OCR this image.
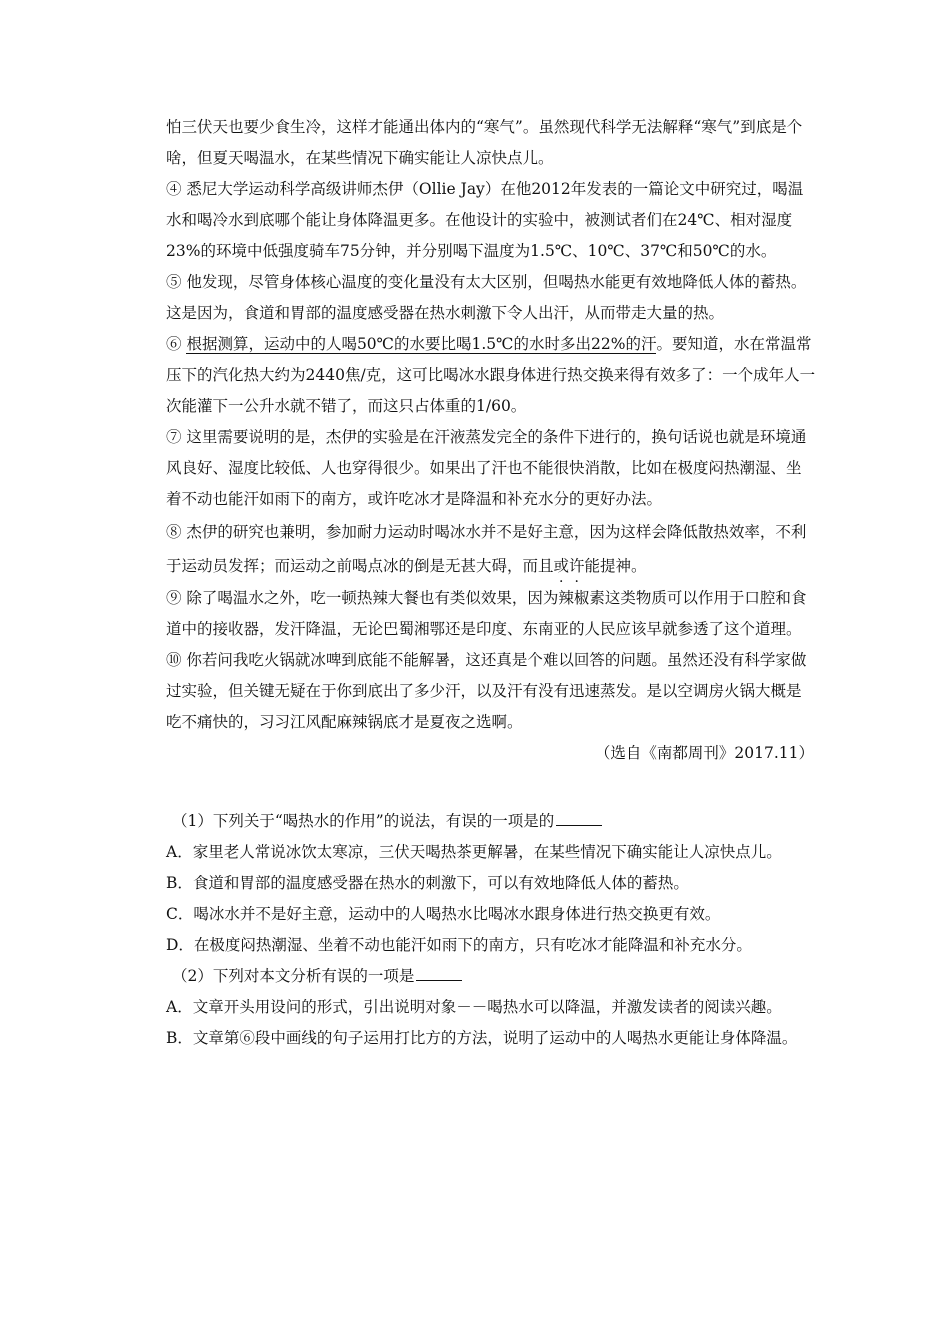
怕三伏天也要少食生冷，这样才能通出体内的“寒气”。虽然现代科学无法解释“寒气”到底是个啥，但夏天喝温水，在某些情况下确实能让人凉快点儿。

④ 悉尼大学运动科学高级讲师杰伊（Ollie Jay）在他2012年发表的一篇论文中研究过，喝温水和喝冷水到底哪个能让身体降温更多。在他设计的实验中，被测试者们在24℃、相对湿度23%的环境中低强度骑车75分钟，并分别喝下温度为1.5℃、10℃、37℃和50℃的水。

⑤ 他发现，尽管身体核心温度的变化量没有太大区别，但喝热水能更有效地降低人体的蓄热。这是因为，食道和胃部的温度感受器在热水刺激下令人出汗，从而带走大量的热。

⑥ 根据测算，运动中的人喝50℃的水要比喝1.5℃的水时多出22%的汗。要知道，水在常温常压下的汽化热大约为2440焦/克，这可比喝冰水跟身体进行热交换来得有效多了：一个成年人一次能灌下一公升水就不错了，而这只占体重的1/60。

⑦ 这里需要说明的是，杰伊的实验是在汗液蒸发完全的条件下进行的，换句话说也就是环境通风良好、湿度比较低、人也穿得很少。如果出了汗也不能很快消散，比如在极度闷热潮湿、坐着不动也能汗如雨下的南方，或许吃冰才是降温和补充水分的更好办法。

⑧ 杰伊的研究也兼明，参加耐力运动时喝冰水并不是好主意，因为这样会降低散热效率，不利于运动员发挥；而运动之前喝点冰的倒是无甚大碍，而且或许能提神。

⑨ 除了喝温水之外，吃一顿热辣大餐也有类似效果，因为辣椒素这类物质可以作用于口腔和食道中的接收器，发汗降温，无论巴蜀湘鄂还是印度、东南亚的人民应该早就参透了这个道理。

⑩ 你若问我吃火锅就冰啤到底能不能解暑，这还真是个难以回答的问题。虽然还没有科学家做过实验，但关键无疑在于你到底出了多少汗，以及汗有没有迅速蒸发。是以空调房火锅大概是吃不痛快的，习习江风配麻辣锅底才是夏夜之选啊。

（选自《南都周刊》2017.11）

（1）下列关于“喝热水的作用”的说法，有误的一项是的

A．家里老人常说冰饮太寒凉，三伏天喝热茶更解暑，在某些情况下确实能让人凉快点儿。

B．食道和胃部的温度感受器在热水的刺激下，可以有效地降低人体的蓄热。

C．喝冰水并不是好主意，运动中的人喝热水比喝冰水跟身体进行热交换更有效。

D．在极度闷热潮湿、坐着不动也能汗如雨下的南方，只有吃冰才能降温和补充水分。

（2）下列对本文分析有误的一项是

A．文章开头用设问的形式，引出说明对象－－喝热水可以降温，并激发读者的阅读兴趣。

B．文章第⑥段中画线的句子运用打比方的方法，说明了运动中的人喝热水更能让身体降温。
